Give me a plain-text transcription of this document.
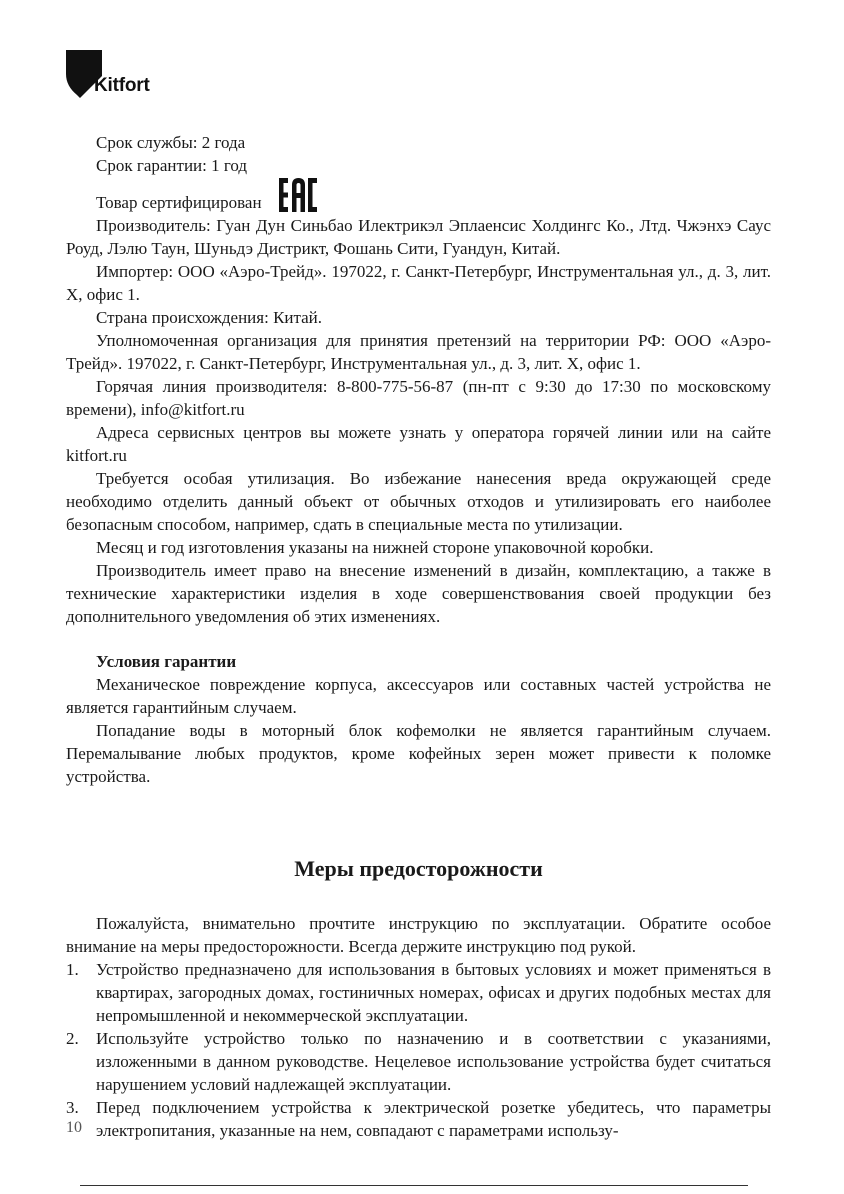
Kitfort
Срок службы: 2 года
Срок гарантии: 1 год
Товар сертифицирован

Производитель: Гуан Дун Синьбао Илектрикэл Эплаенсис Холдингс Ко., Лтд. Чжэнхэ Саус Роуд, Лэлю Таун, Шуньдэ Дистрикт, Фошань Сити, Гуандун, Китай.

Импортер: ООО «Аэро-Трейд». 197022, г. Санкт-Петербург, Инструментальная ул., д. 3, лит. Х, офис 1.

Страна происхождения: Китай.

Уполномоченная организация для принятия претензий на территории РФ: ООО «Аэро-Трейд». 197022, г. Санкт-Петербург, Инструментальная ул., д. 3, лит. Х, офис 1.

Горячая линия производителя: 8-800-775-56-87 (пн-пт с 9:30 до 17:30 по московскому времени), info@kitfort.ru

Адреса сервисных центров вы можете узнать у оператора горячей линии или на сайте kitfort.ru

Требуется особая утилизация. Во избежание нанесения вреда окружающей среде необходимо отделить данный объект от обычных отходов и утилизировать его наиболее безопасным способом, например, сдать в специальные места по утилизации.

Месяц и год изготовления указаны на нижней стороне упаковочной коробки.

Производитель имеет право на внесение изменений в дизайн, комплектацию, а также в технические характеристики изделия в ходе совершенствования своей продукции без дополнительного уведомления об этих изменениях.

Условия гарантии

Механическое повреждение корпуса, аксессуаров или составных частей устройства не является гарантийным случаем.

Попадание воды в моторный блок кофемолки не является гарантийным случаем. Перемалывание любых продуктов, кроме кофейных зерен может привести к поломке устройства.

Меры предосторожности

Пожалуйста, внимательно прочтите инструкцию по эксплуатации. Обратите особое внимание на меры предосторожности. Всегда держите инструкцию под рукой.

1. Устройство предназначено для использования в бытовых условиях и может применяться в квартирах, загородных домах, гостиничных номерах, офисах и других подобных местах для непромышленной и некоммерческой эксплуатации.
2. Используйте устройство только по назначению и в соответствии с указаниями, изложенными в данном руководстве. Нецелевое использование устройства будет считаться нарушением условий надлежащей эксплуатации.
3. Перед подключением устройства к электрической розетке убедитесь, что параметры электропитания, указанные на нем, совпадают с параметрами использу-
10
